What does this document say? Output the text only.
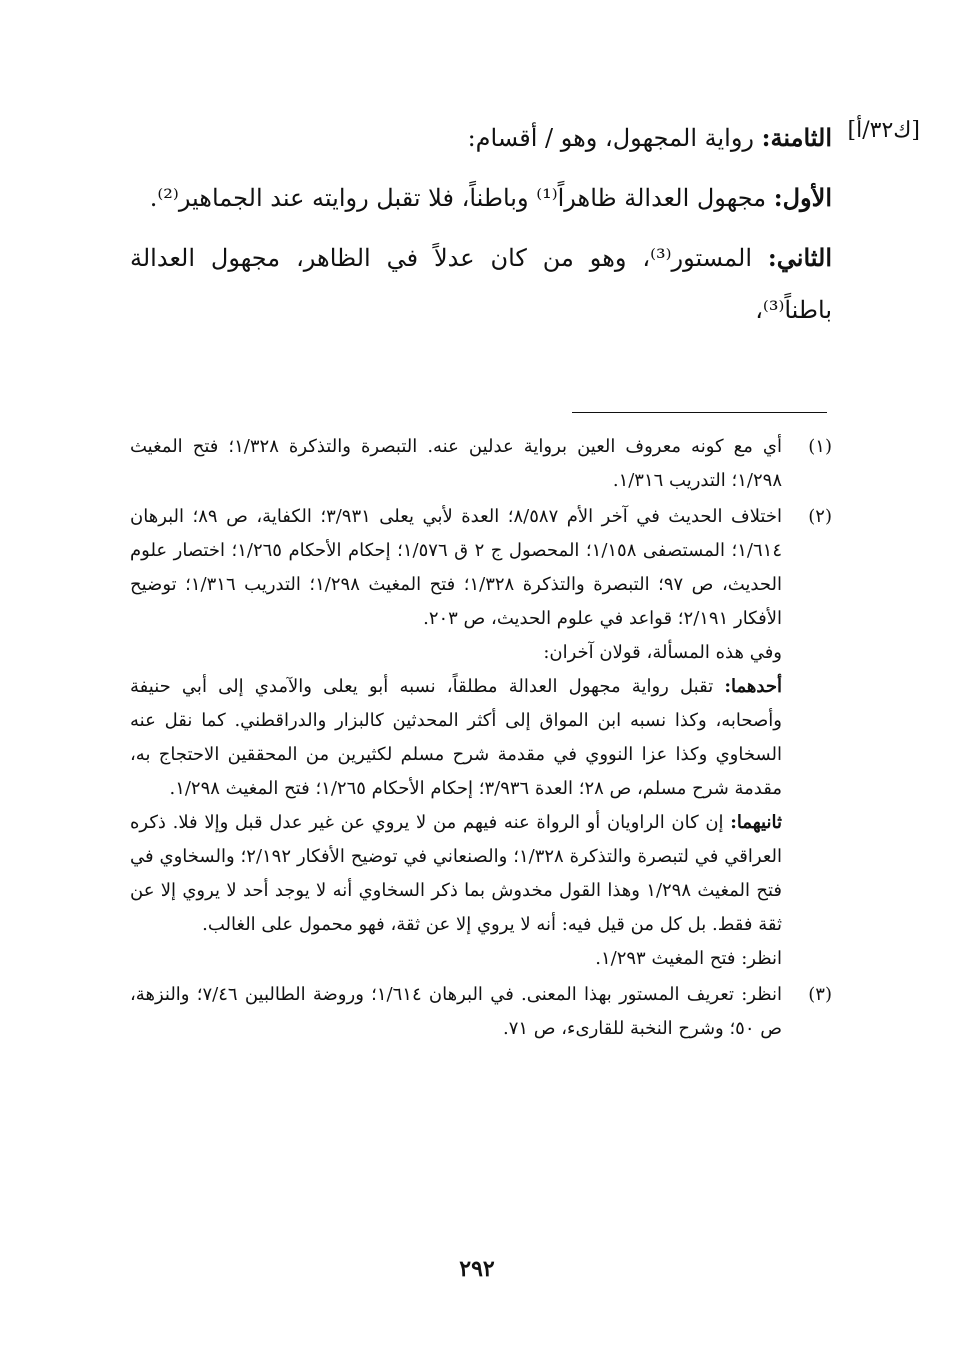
[ك٣٢/أ]

الثامنة: رواية المجهول، وهو / أقسام:

الأول: مجهول العدالة ظاهراً⁽¹⁾ وباطناً، فلا تقبل روايته عند الجماهير⁽²⁾.

الثاني: المستور⁽³⁾، وهو من كان عدلاً في الظاهر، مجهول العدالة باطناً⁽³⁾،

(١)
أي مع كونه معروف العين برواية عدلين عنه. التبصرة والتذكرة ١/٣٢٨؛ فتح المغيث ١/٢٩٨؛ التدريب ١/٣١٦.
(٢)
اختلاف الحديث في آخر الأم ٨/٥٨٧؛ العدة لأبي يعلى ٣/٩٣١؛ الكفاية، ص ٨٩؛ البرهان ١/٦١٤؛ المستصفى ١/١٥٨؛ المحصول ج ٢ ق ١/٥٧٦؛ إحكام الأحكام ١/٢٦٥؛ اختصار علوم الحديث، ص ٩٧؛ التبصرة والتذكرة ١/٣٢٨؛ فتح المغيث ١/٢٩٨؛ التدريب ١/٣١٦؛ توضيح الأفكار ٢/١٩١؛ قواعد في علوم الحديث، ص ٢٠٣.

وفي هذه المسألة، قولان آخران:

أحدهما: تقبل رواية مجهول العدالة مطلقاً، نسبه أبو يعلى والآمدي إلى أبي حنيفة وأصحابه، وكذا نسبه ابن المواق إلى أكثر المحدثين كالبزار والدراقطني. كما نقل عنه السخاوي وكذا عزا النووي في مقدمة شرح مسلم لكثيرين من المحققين الاحتجاج به، مقدمة شرح مسلم، ص ٢٨؛ العدة ٣/٩٣٦؛ إحكام الأحكام ١/٢٦٥؛ فتح المغيث ١/٢٩٨.

ثانيهما: إن كان الراويان أو الرواة عنه فيهم من لا يروي عن غير عدل قبل وإلا فلا. ذكره العراقي في لتبصرة والتذكرة ١/٣٢٨؛ والصنعاني في توضيح الأفكار ٢/١٩٢؛ والسخاوي في فتح المغيث ١/٢٩٨ وهذا القول مخدوش بما ذكر السخاوي أنه لا يوجد أحد لا يروي إلا عن ثقة فقط. بل كل من قيل فيه: أنه لا يروي إلا عن ثقة، فهو محمول على الغالب.

انظر: فتح المغيث ١/٢٩٣.

(٣)
انظر: تعريف المستور بهذا المعنى. في البرهان ١/٦١٤؛ وروضة الطالبين ٧/٤٦؛ والنزهة، ص ٥٠؛ وشرح النخبة للقارىء، ص ٧١.
٢٩٢
